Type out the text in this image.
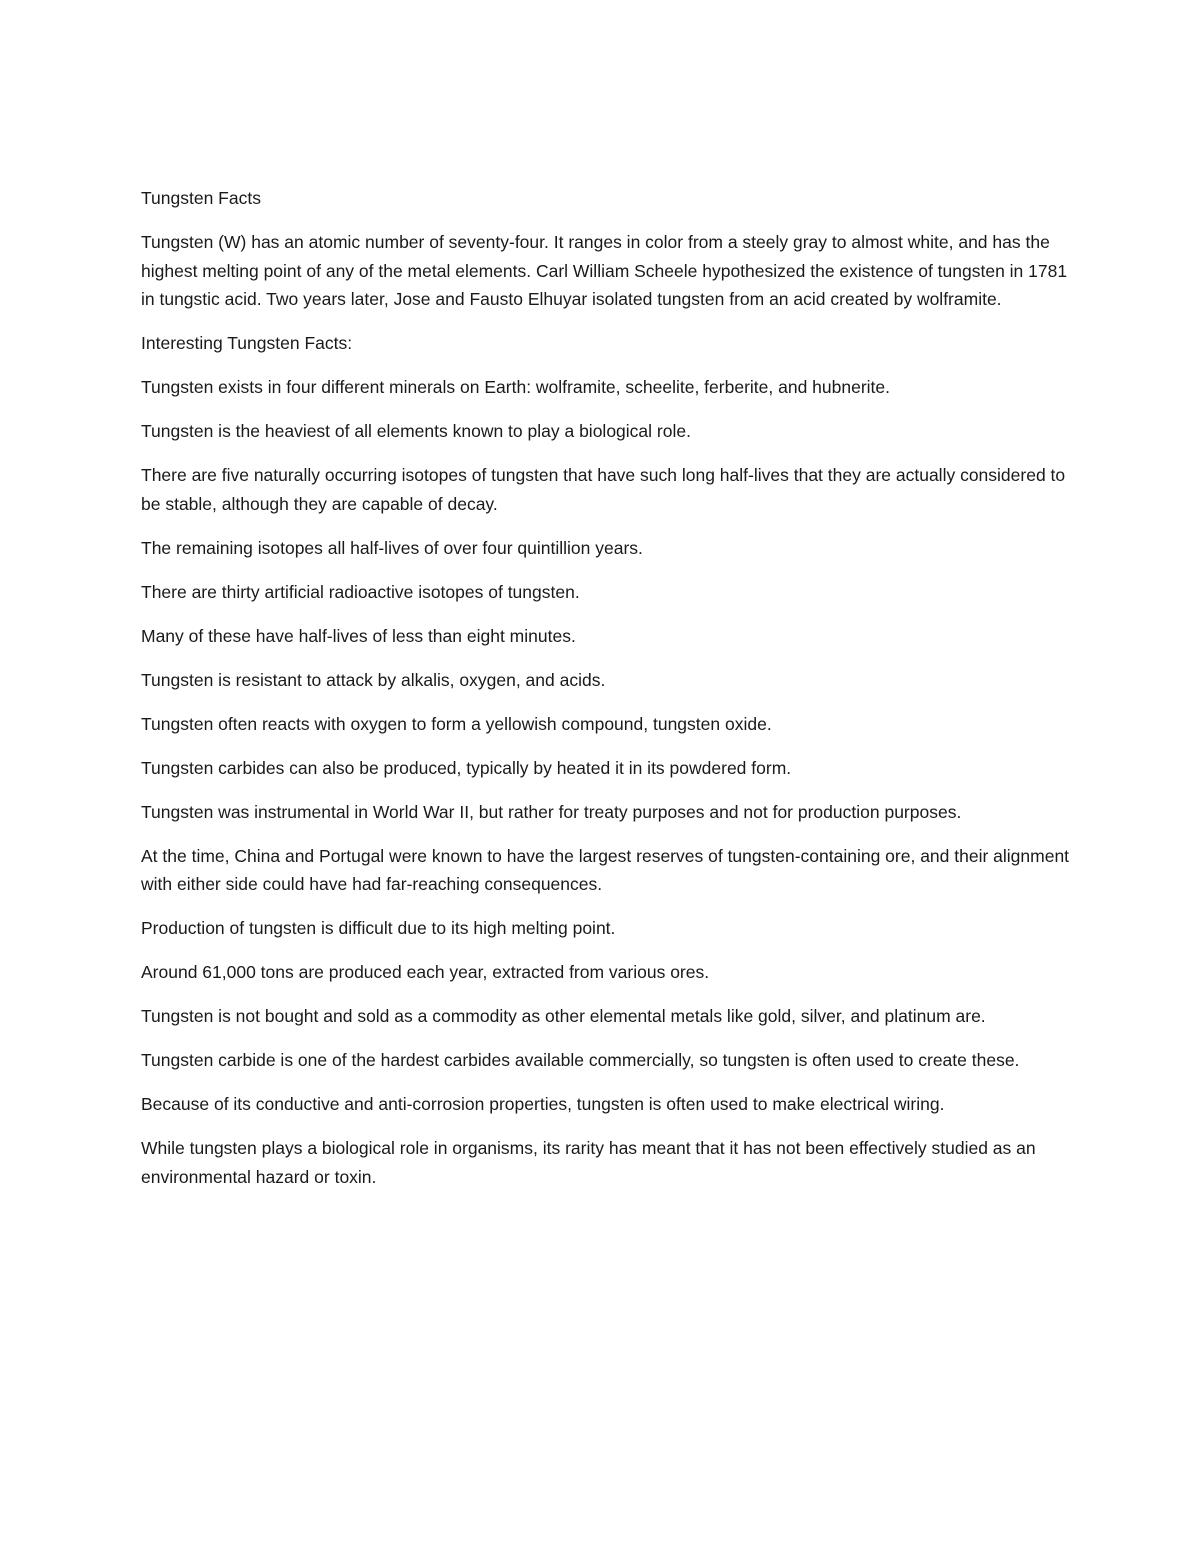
Tungsten Facts

Tungsten (W) has an atomic number of seventy-four. It ranges in color from a steely gray to almost white, and has the highest melting point of any of the metal elements. Carl William Scheele hypothesized the existence of tungsten in 1781 in tungstic acid. Two years later, Jose and Fausto Elhuyar isolated tungsten from an acid created by wolframite.

Interesting Tungsten Facts:

Tungsten exists in four different minerals on Earth: wolframite, scheelite, ferberite, and hubnerite.

Tungsten is the heaviest of all elements known to play a biological role.

There are five naturally occurring isotopes of tungsten that have such long half-lives that they are actually considered to be stable, although they are capable of decay.

The remaining isotopes all half-lives of over four quintillion years.

There are thirty artificial radioactive isotopes of tungsten.

Many of these have half-lives of less than eight minutes.

Tungsten is resistant to attack by alkalis, oxygen, and acids.

Tungsten often reacts with oxygen to form a yellowish compound, tungsten oxide.

Tungsten carbides can also be produced, typically by heated it in its powdered form.

Tungsten was instrumental in World War II, but rather for treaty purposes and not for production purposes.

At the time, China and Portugal were known to have the largest reserves of tungsten-containing ore, and their alignment with either side could have had far-reaching consequences.

Production of tungsten is difficult due to its high melting point.

Around 61,000 tons are produced each year, extracted from various ores.

Tungsten is not bought and sold as a commodity as other elemental metals like gold, silver, and platinum are.

Tungsten carbide is one of the hardest carbides available commercially, so tungsten is often used to create these.

Because of its conductive and anti-corrosion properties, tungsten is often used to make electrical wiring.

While tungsten plays a biological role in organisms, its rarity has meant that it has not been effectively studied as an environmental hazard or toxin.
